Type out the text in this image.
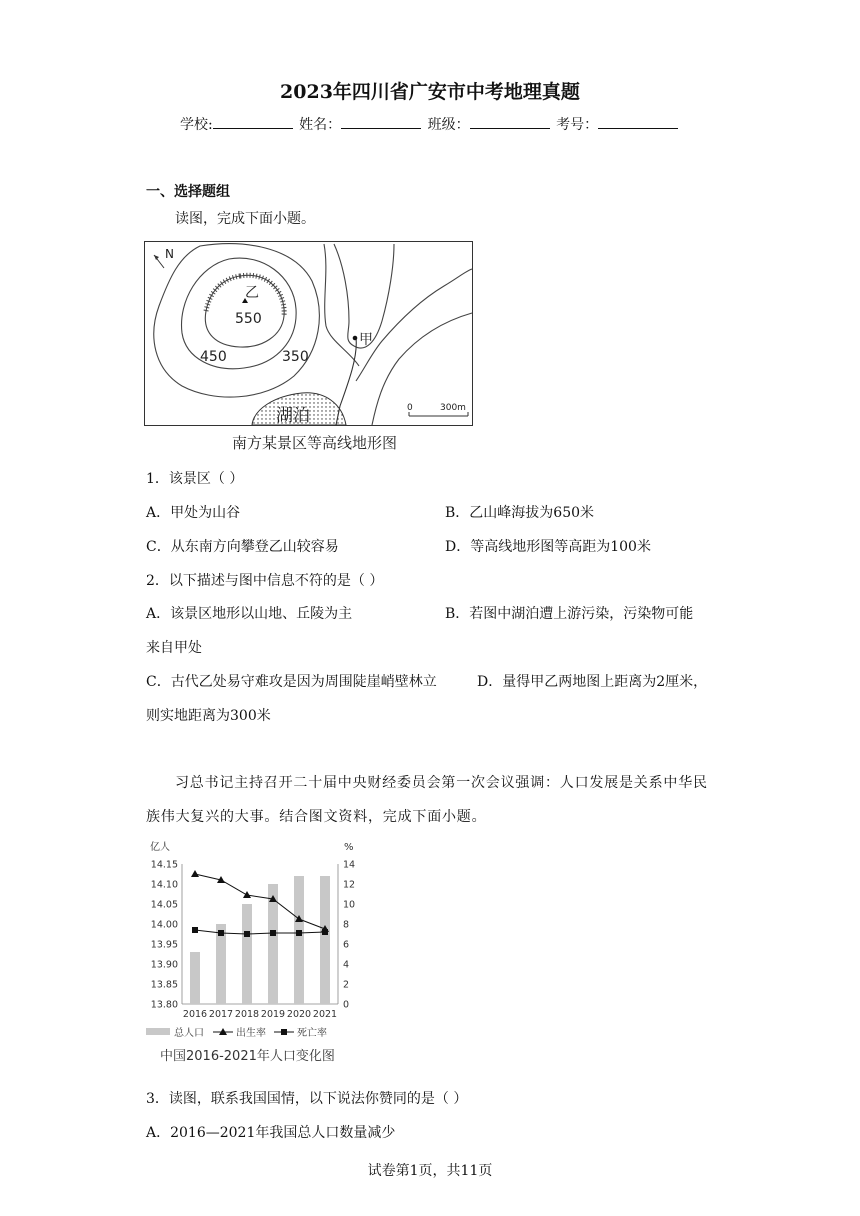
2023年四川省广安市中考地理真题
学校:	姓名：	班级：	考号：
一、选择题组
读图，完成下面小题。
乙
550
450	350
甲
湖泊
N
0	300m
南方某景区等高线地形图
1．该景区（ ）
A．甲处为山谷	B．乙山峰海拔为650米
C．从东南方向攀登乙山较容易	D．等高线地形图等高距为100米
2．以下描述与图中信息不符的是（ ）
A．该景区地形以山地、丘陵为主	B．若图中湖泊遭上游污染，污染物可能
来自甲处
C．古代乙处易守难攻是因为周围陡崖峭壁林立	D．量得甲乙两地图上距离为2厘米，
则实地距离为300米
习总书记主持召开二十届中央财经委员会第一次会议强调：人口发展是关系中华民
族伟大复兴的大事。结合图文资料，完成下面小题。
亿人	%
14.15
14.10
14.05
14.00
13.95
13.90
13.85
13.80
14
12
10
8
6
4
2
0
2016 2017 2018 2019 2020 2021
总人口	出生率	死亡率
中国2016-2021年人口变化图
3．读图，联系我国国情，以下说法你赞同的是（ ）
A．2016—2021年我国总人口数量减少
试卷第1页，共11页
